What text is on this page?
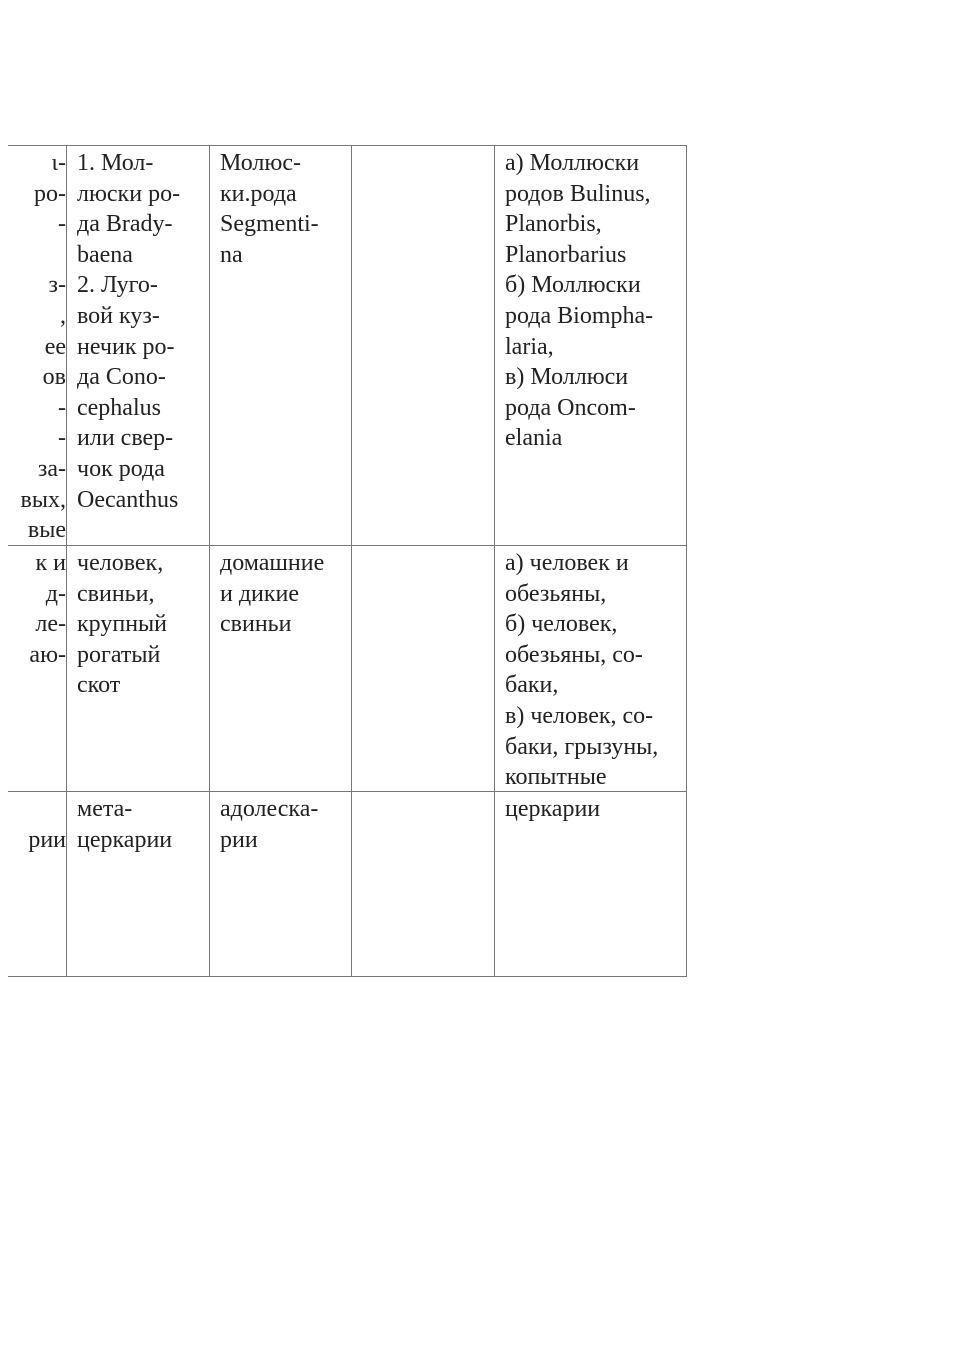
ι-
ро-
-

з-
,
ее
ов
-
-
за-
вых,
вые
1. Мол-
люски ро-
да Brady-
baena
2. Луго-
вой куз-
нечик ро-
да Cono-
cephalus
или свер-
чок рода
Oecanthus
Молюс-
ки.рода
Segmenti-
na
а) Моллюски
родов Bulinus,
Planorbis,
Planorbarius
б) Моллюски
рода Biompha-
laria,
в) Моллюси
рода Oncom-
elania
к и
д-
ле-
аю-
человек,
свиньи,
крупный
рогатый
скот
домашние
и дикие
свиньи
а) человек и
обезьяны,
б) человек,
обезьяны, со-
баки,
в) человек, со-
баки, грызуны,
копытные

рии
мета-
церкарии
адолеска-
рии
церкарии
